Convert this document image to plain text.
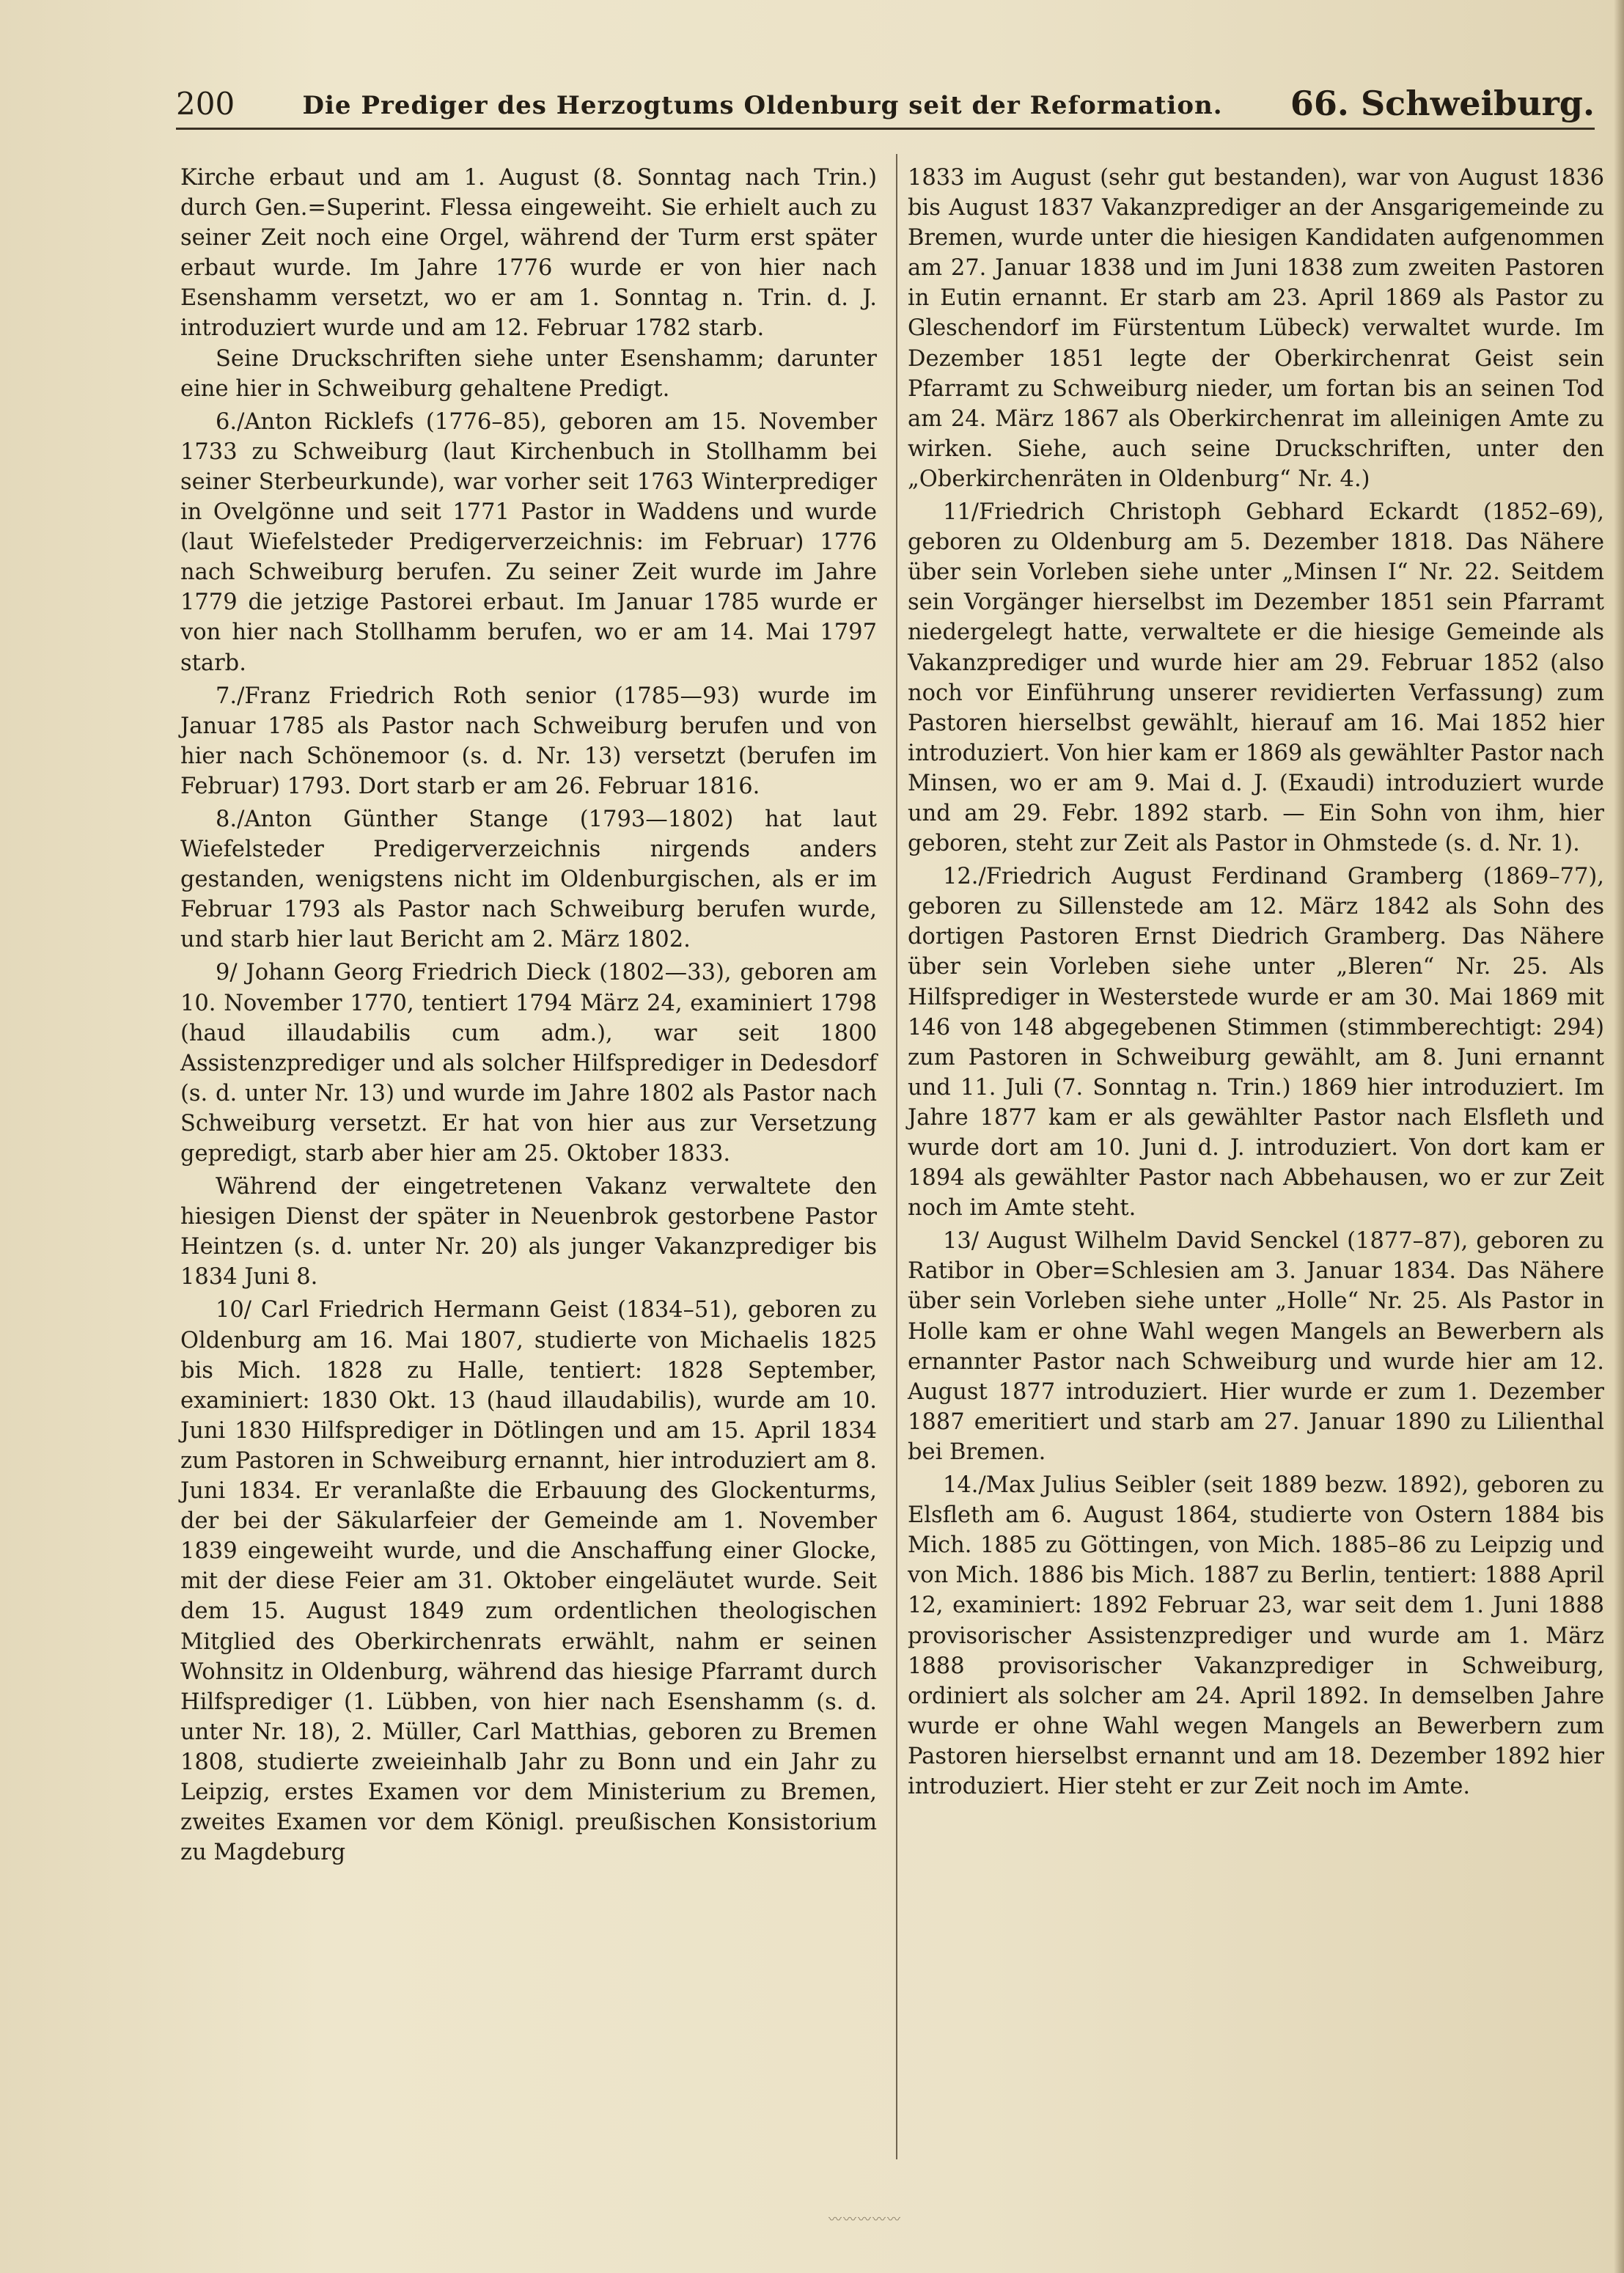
200	Die Prediger des Herzogtums Oldenburg seit der Reformation. 66. Schweiburg.

Kirche erbaut und am 1. August (8. Sonntag nach Trin.) durch Gen.=Superint. Flessa eingeweiht. Sie erhielt auch zu seiner Zeit noch eine Orgel, während der Turm erst später erbaut wurde. Im Jahre 1776 wurde er von hier nach Esenshamm versetzt, wo er am 1. Sonntag n. Trin. d. J. introduziert wurde und am 12. Februar 1782 starb.

Seine Druckschriften siehe unter Esenshamm; darunter eine hier in Schweiburg gehaltene Predigt.

6./Anton Ricklefs (1776–85), geboren am 15. November 1733 zu Schweiburg (laut Kirchenbuch in Stollhamm bei seiner Sterbeurkunde), war vorher seit 1763 Winterprediger in Ovelgönne und seit 1771 Pastor in Waddens und wurde (laut Wiefelsteder Predigerverzeichnis: im Februar) 1776 nach Schweiburg berufen. Zu seiner Zeit wurde im Jahre 1779 die jetzige Pastorei erbaut. Im Januar 1785 wurde er von hier nach Stollhamm berufen, wo er am 14. Mai 1797 starb.

7./Franz Friedrich Roth senior (1785—93) wurde im Januar 1785 als Pastor nach Schweiburg berufen und von hier nach Schönemoor (s. d. Nr. 13) versetzt (berufen im Februar) 1793. Dort starb er am 26. Februar 1816.

8./Anton Günther Stange (1793—1802) hat laut Wiefelsteder Predigerverzeichnis nirgends anders gestanden, wenigstens nicht im Oldenburgischen, als er im Februar 1793 als Pastor nach Schweiburg berufen wurde, und starb hier laut Bericht am 2. März 1802.

9/ Johann Georg Friedrich Dieck (1802—33), geboren am 10. November 1770, tentiert 1794 März 24, examiniert 1798 (haud illaudabilis cum adm.), war seit 1800 Assistenzprediger und als solcher Hilfsprediger in Dedesdorf (s. d. unter Nr. 13) und wurde im Jahre 1802 als Pastor nach Schweiburg versetzt. Er hat von hier aus zur Versetzung gepredigt, starb aber hier am 25. Oktober 1833.

Während der eingetretenen Vakanz verwaltete den hiesigen Dienst der später in Neuenbrok gestorbene Pastor Heintzen (s. d. unter Nr. 20) als junger Vakanzprediger bis 1834 Juni 8.

10/ Carl Friedrich Hermann Geist (1834–51), geboren zu Oldenburg am 16. Mai 1807, studierte von Michaelis 1825 bis Mich. 1828 zu Halle, tentiert: 1828 September, examiniert: 1830 Okt. 13 (haud illaudabilis), wurde am 10. Juni 1830 Hilfsprediger in Dötlingen und am 15. April 1834 zum Pastoren in Schweiburg ernannt, hier introduziert am 8. Juni 1834. Er veranlaßte die Erbauung des Glockenturms, der bei der Säkularfeier der Gemeinde am 1. November 1839 eingeweiht wurde, und die Anschaffung einer Glocke, mit der diese Feier am 31. Oktober eingeläutet wurde. Seit dem 15. August 1849 zum ordentlichen theologischen Mitglied des Oberkirchenrats erwählt, nahm er seinen Wohnsitz in Oldenburg, während das hiesige Pfarramt durch Hilfsprediger (1. Lübben, von hier nach Esenshamm (s. d. unter Nr. 18), 2. Müller, Carl Matthias, geboren zu Bremen 1808, studierte zweieinhalb Jahr zu Bonn und ein Jahr zu Leipzig, erstes Examen vor dem Ministerium zu Bremen, zweites Examen vor dem Königl. preußischen Konsistorium zu Magdeburg

1833 im August (sehr gut bestanden), war von August 1836 bis August 1837 Vakanzprediger an der Ansgarigemeinde zu Bremen, wurde unter die hiesigen Kandidaten aufgenommen am 27. Januar 1838 und im Juni 1838 zum zweiten Pastoren in Eutin ernannt. Er starb am 23. April 1869 als Pastor zu Gleschendorf im Fürstentum Lübeck) verwaltet wurde. Im Dezember 1851 legte der Oberkirchenrat Geist sein Pfarramt zu Schweiburg nieder, um fortan bis an seinen Tod am 24. März 1867 als Oberkirchenrat im alleinigen Amte zu wirken. Siehe, auch seine Druckschriften, unter den „Oberkirchenräten in Oldenburg“ Nr. 4.)

11/Friedrich Christoph Gebhard Eckardt (1852–69), geboren zu Oldenburg am 5. Dezember 1818. Das Nähere über sein Vorleben siehe unter „Minsen I“ Nr. 22. Seitdem sein Vorgänger hierselbst im Dezember 1851 sein Pfarramt niedergelegt hatte, verwaltete er die hiesige Gemeinde als Vakanzprediger und wurde hier am 29. Februar 1852 (also noch vor Einführung unserer revidierten Verfassung) zum Pastoren hierselbst gewählt, hierauf am 16. Mai 1852 hier introduziert. Von hier kam er 1869 als gewählter Pastor nach Minsen, wo er am 9. Mai d. J. (Exaudi) introduziert wurde und am 29. Febr. 1892 starb. — Ein Sohn von ihm, hier geboren, steht zur Zeit als Pastor in Ohmstede (s. d. Nr. 1).

12./Friedrich August Ferdinand Gramberg (1869–77), geboren zu Sillenstede am 12. März 1842 als Sohn des dortigen Pastoren Ernst Diedrich Gramberg. Das Nähere über sein Vorleben siehe unter „Bleren“ Nr. 25. Als Hilfsprediger in Westerstede wurde er am 30. Mai 1869 mit 146 von 148 abgegebenen Stimmen (stimmberechtigt: 294) zum Pastoren in Schweiburg gewählt, am 8. Juni ernannt und 11. Juli (7. Sonntag n. Trin.) 1869 hier introduziert. Im Jahre 1877 kam er als gewählter Pastor nach Elsfleth und wurde dort am 10. Juni d. J. introduziert. Von dort kam er 1894 als gewählter Pastor nach Abbehausen, wo er zur Zeit noch im Amte steht.

13/ August Wilhelm David Senckel (1877–87), geboren zu Ratibor in Ober=Schlesien am 3. Januar 1834. Das Nähere über sein Vorleben siehe unter „Holle“ Nr. 25. Als Pastor in Holle kam er ohne Wahl wegen Mangels an Bewerbern als ernannter Pastor nach Schweiburg und wurde hier am 12. August 1877 introduziert. Hier wurde er zum 1. Dezember 1887 emeritiert und starb am 27. Januar 1890 zu Lilienthal bei Bremen.

14./Max Julius Seibler (seit 1889 bezw. 1892), geboren zu Elsfleth am 6. August 1864, studierte von Ostern 1884 bis Mich. 1885 zu Göttingen, von Mich. 1885–86 zu Leipzig und von Mich. 1886 bis Mich. 1887 zu Berlin, tentiert: 1888 April 12, examiniert: 1892 Februar 23, war seit dem 1. Juni 1888 provisorischer Assistenzprediger und wurde am 1. März 1888 provisorischer Vakanzprediger in Schweiburg, ordiniert als solcher am 24. April 1892. In demselben Jahre wurde er ohne Wahl wegen Mangels an Bewerbern zum Pastoren hierselbst ernannt und am 18. Dezember 1892 hier introduziert. Hier steht er zur Zeit noch im Amte.

〰〰〰〰〰
